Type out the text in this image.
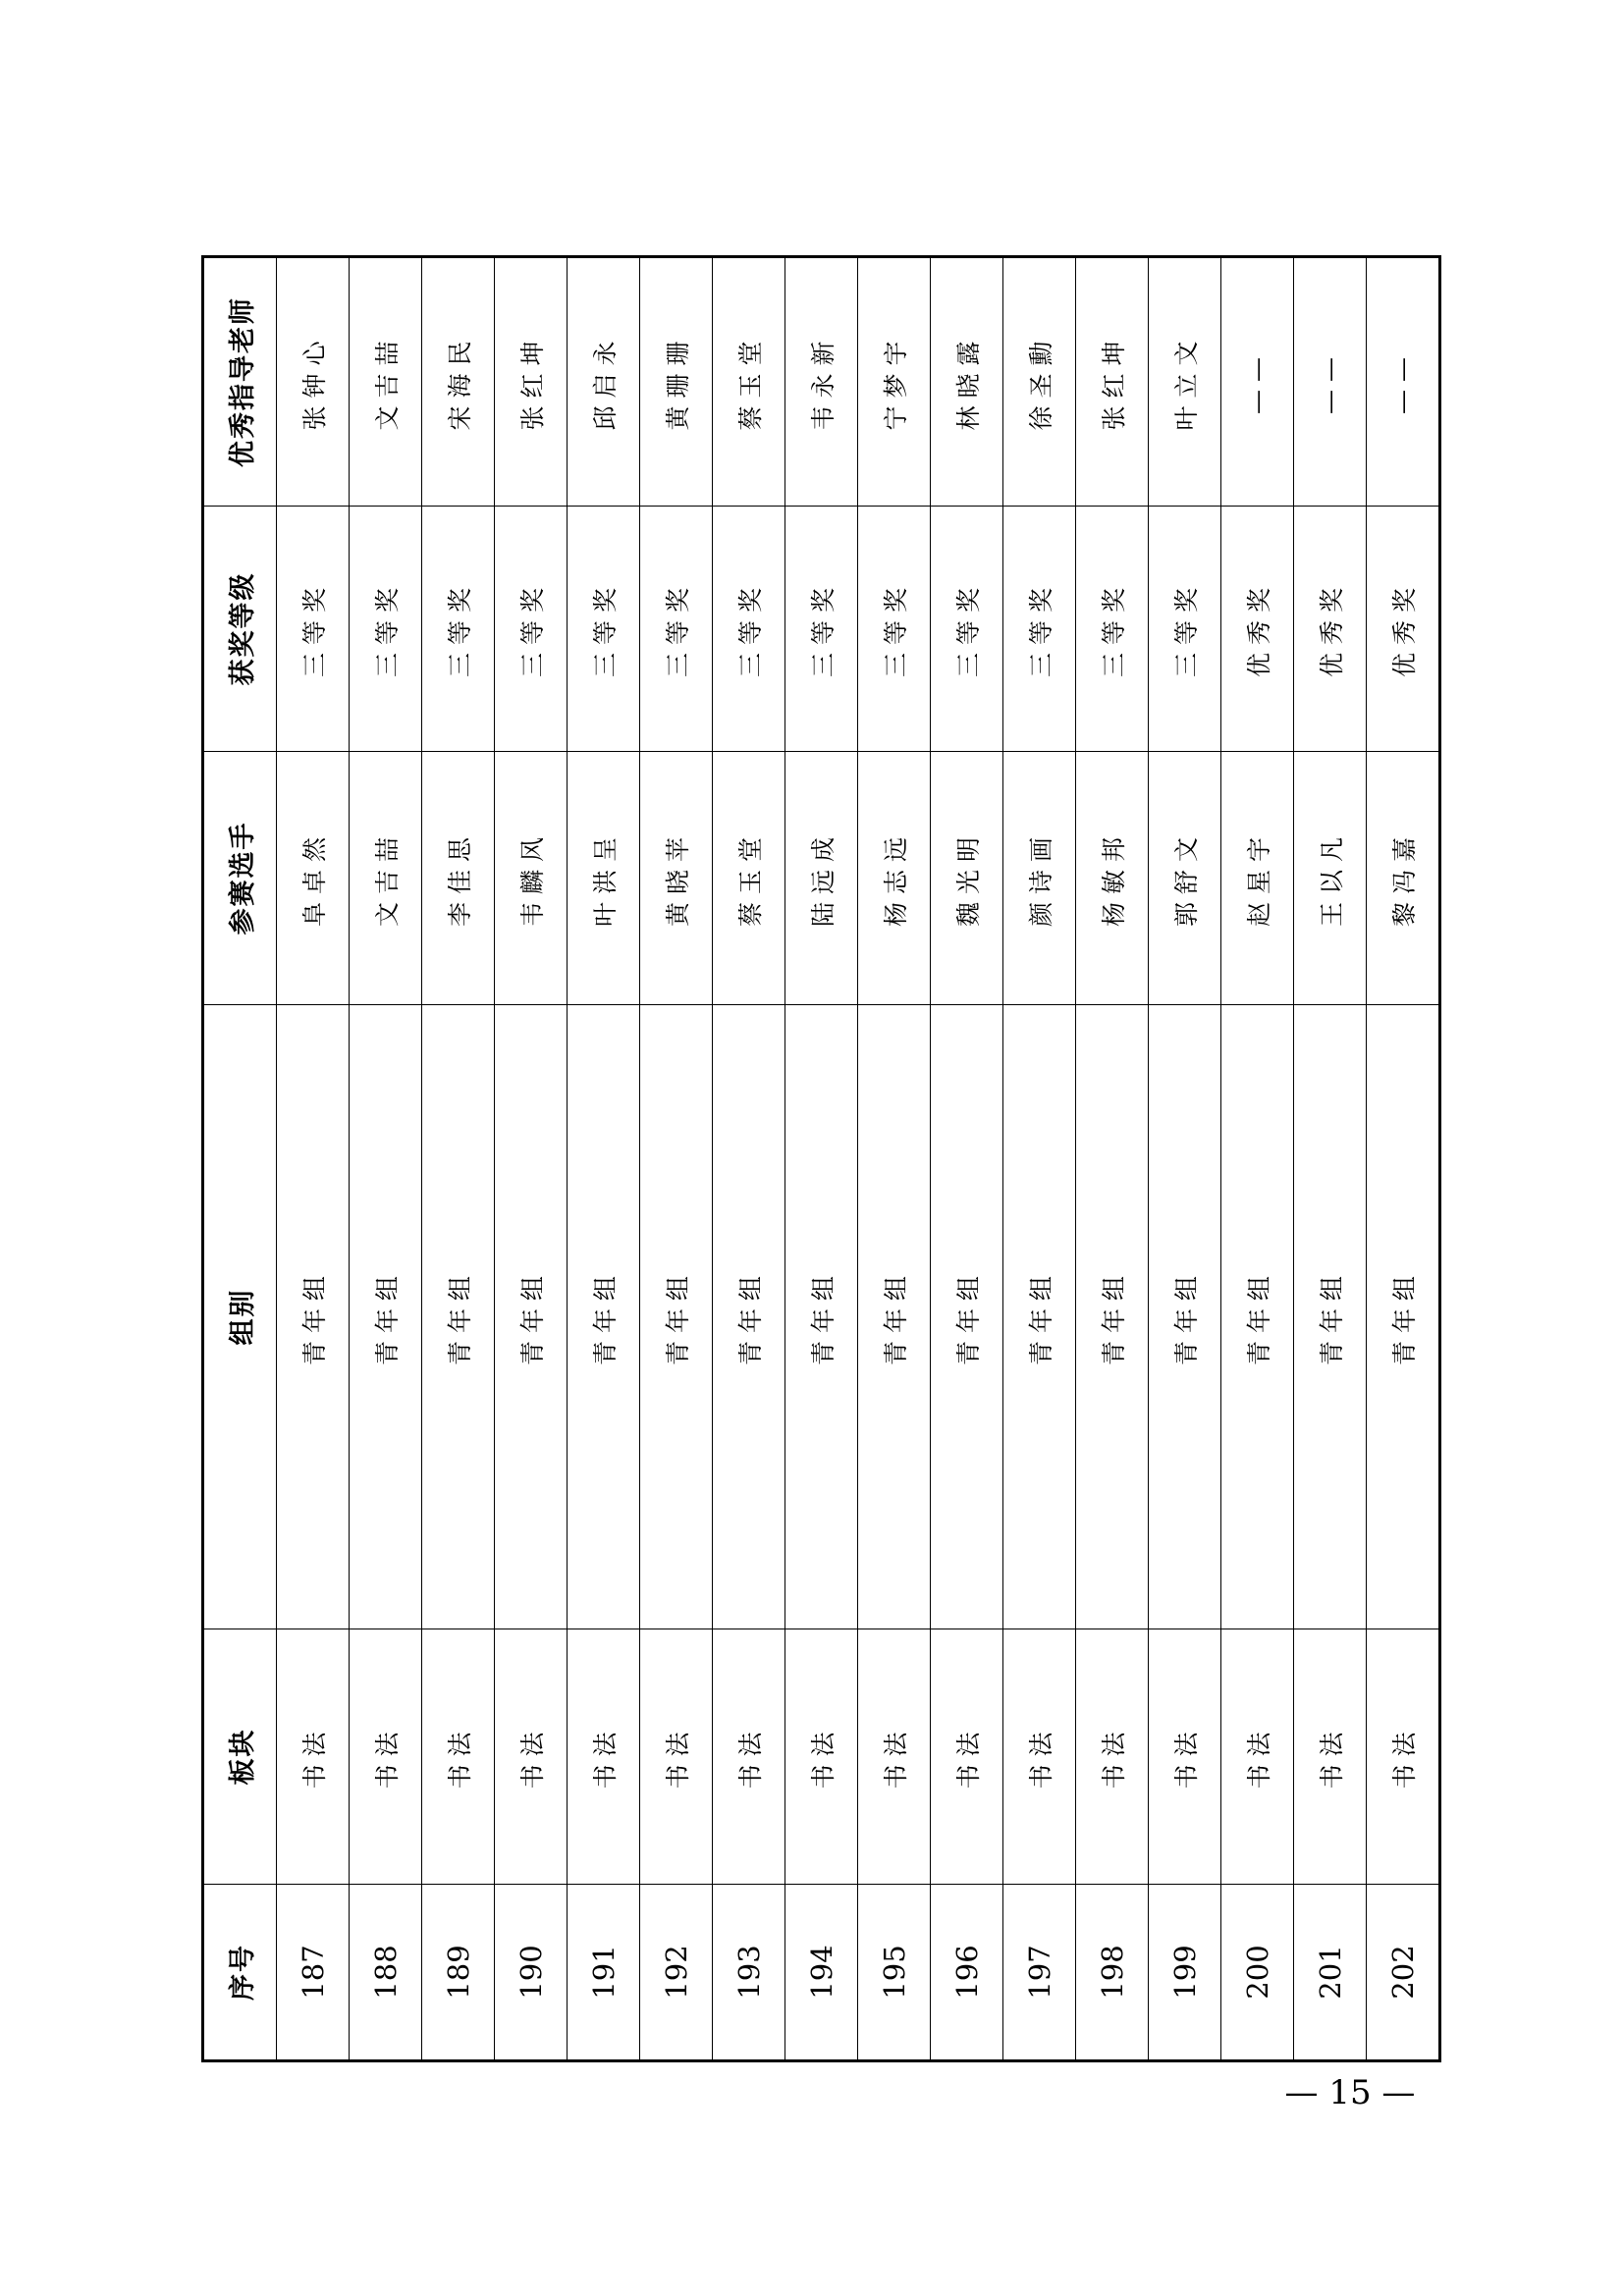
序号	板块	组别	参赛选手	获奖等级	优秀指导老师
187	书法	青年组	阜卓然	三等奖	张钟心
188	书法	青年组	文吉喆	三等奖	文吉喆
189	书法	青年组	李佳思	三等奖	宋海民
190	书法	青年组	韦麟风	三等奖	张红坤
191	书法	青年组	叶洪呈	三等奖	邱启永
192	书法	青年组	黄晓苹	三等奖	黄珊珊
193	书法	青年组	蔡玉堂	三等奖	蔡玉堂
194	书法	青年组	陆远成	三等奖	韦永新
195	书法	青年组	杨志远	三等奖	宁梦宇
196	书法	青年组	魏光明	三等奖	林晓露
197	书法	青年组	颜诗画	三等奖	徐圣勳
198	书法	青年组	杨敏邦	三等奖	张红坤
199	书法	青年组	郭舒文	三等奖	叶立文
200	书法	青年组	赵星宇	优秀奖	——
201	书法	青年组	王以凡	优秀奖	——
202	书法	青年组	黎冯嘉	优秀奖	——
— 15 —
